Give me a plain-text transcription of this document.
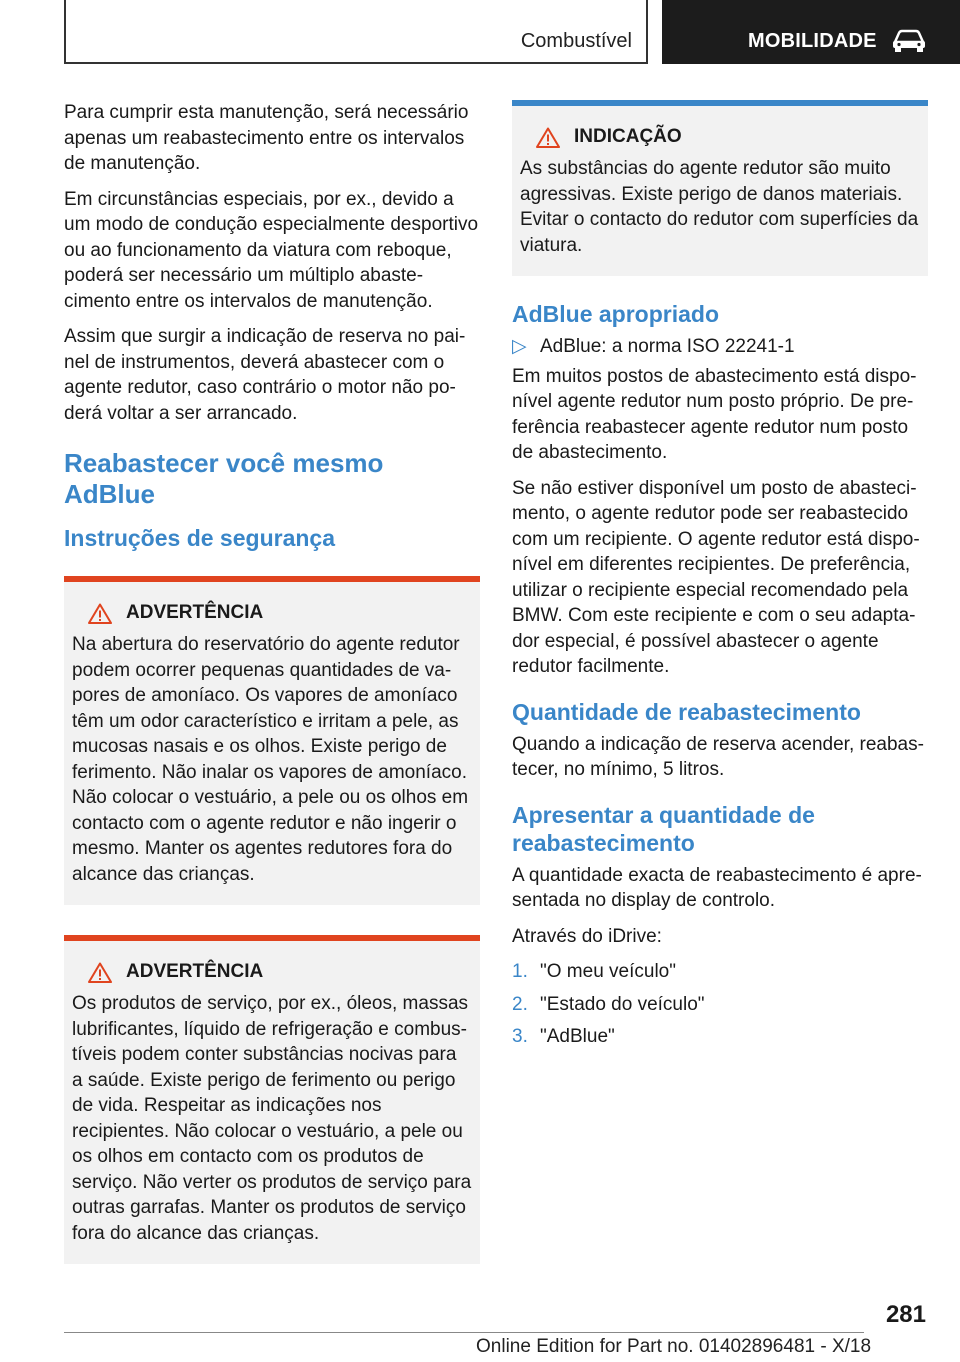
Combustível	MOBILIDADE

Para cumprir esta manutenção, será necessário apenas um reabastecimento entre os intervalos de manutenção.

Em circunstâncias especiais, por ex., devido a um modo de condução especialmente desportivo ou ao funcionamento da viatura com reboque, poderá ser necessário um múltiplo abastecimento entre os intervalos de manutenção.

Assim que surgir a indicação de reserva no painel de instrumentos, deverá abastecer com o agente redutor, caso contrário o motor não poderá voltar a ser arrancado.

Reabastecer você mesmo AdBlue
Instruções de segurança
ADVERTÊNCIA

Na abertura do reservatório do agente redutor podem ocorrer pequenas quantidades de vapores de amoníaco. Os vapores de amoníaco têm um odor característico e irritam a pele, as mucosas nasais e os olhos. Existe perigo de ferimento. Não inalar os vapores de amoníaco. Não colocar o vestuário, a pele ou os olhos em contacto com o agente redutor e não ingerir o mesmo. Manter os agentes redutores fora do alcance das crianças.

ADVERTÊNCIA

Os produtos de serviço, por ex., óleos, massas lubrificantes, líquido de refrigeração e combustíveis podem conter substâncias nocivas para a saúde. Existe perigo de ferimento ou perigo de vida. Respeitar as indicações nos recipientes. Não colocar o vestuário, a pele ou os olhos em contacto com os produtos de serviço. Não verter os produtos de serviço para outras garrafas. Manter os produtos de serviço fora do alcance das crianças.

INDICAÇÃO

As substâncias do agente redutor são muito agressivas. Existe perigo de danos materiais. Evitar o contacto do redutor com superfícies da viatura.

AdBlue apropriado
▷ AdBlue: a norma ISO 22241-1

Em muitos postos de abastecimento está disponível agente redutor num posto próprio. De preferência reabastecer agente redutor num posto de abastecimento.

Se não estiver disponível um posto de abastecimento, o agente redutor pode ser reabastecido com um recipiente. O agente redutor está disponível em diferentes recipientes. De preferência, utilizar o recipiente especial recomendado pela BMW. Com este recipiente e com o seu adaptador especial, é possível abastecer o agente redutor facilmente.

Quantidade de reabastecimento

Quando a indicação de reserva acender, reabastecer, no mínimo, 5 litros.

Apresentar a quantidade de reabastecimento

A quantidade exacta de reabastecimento é apresentada no display de controlo.

Através do iDrive:

1. "O meu veículo"
2. "Estado do veículo"
3. "AdBlue"
281
Online Edition for Part no. 01402896481 - X/18
